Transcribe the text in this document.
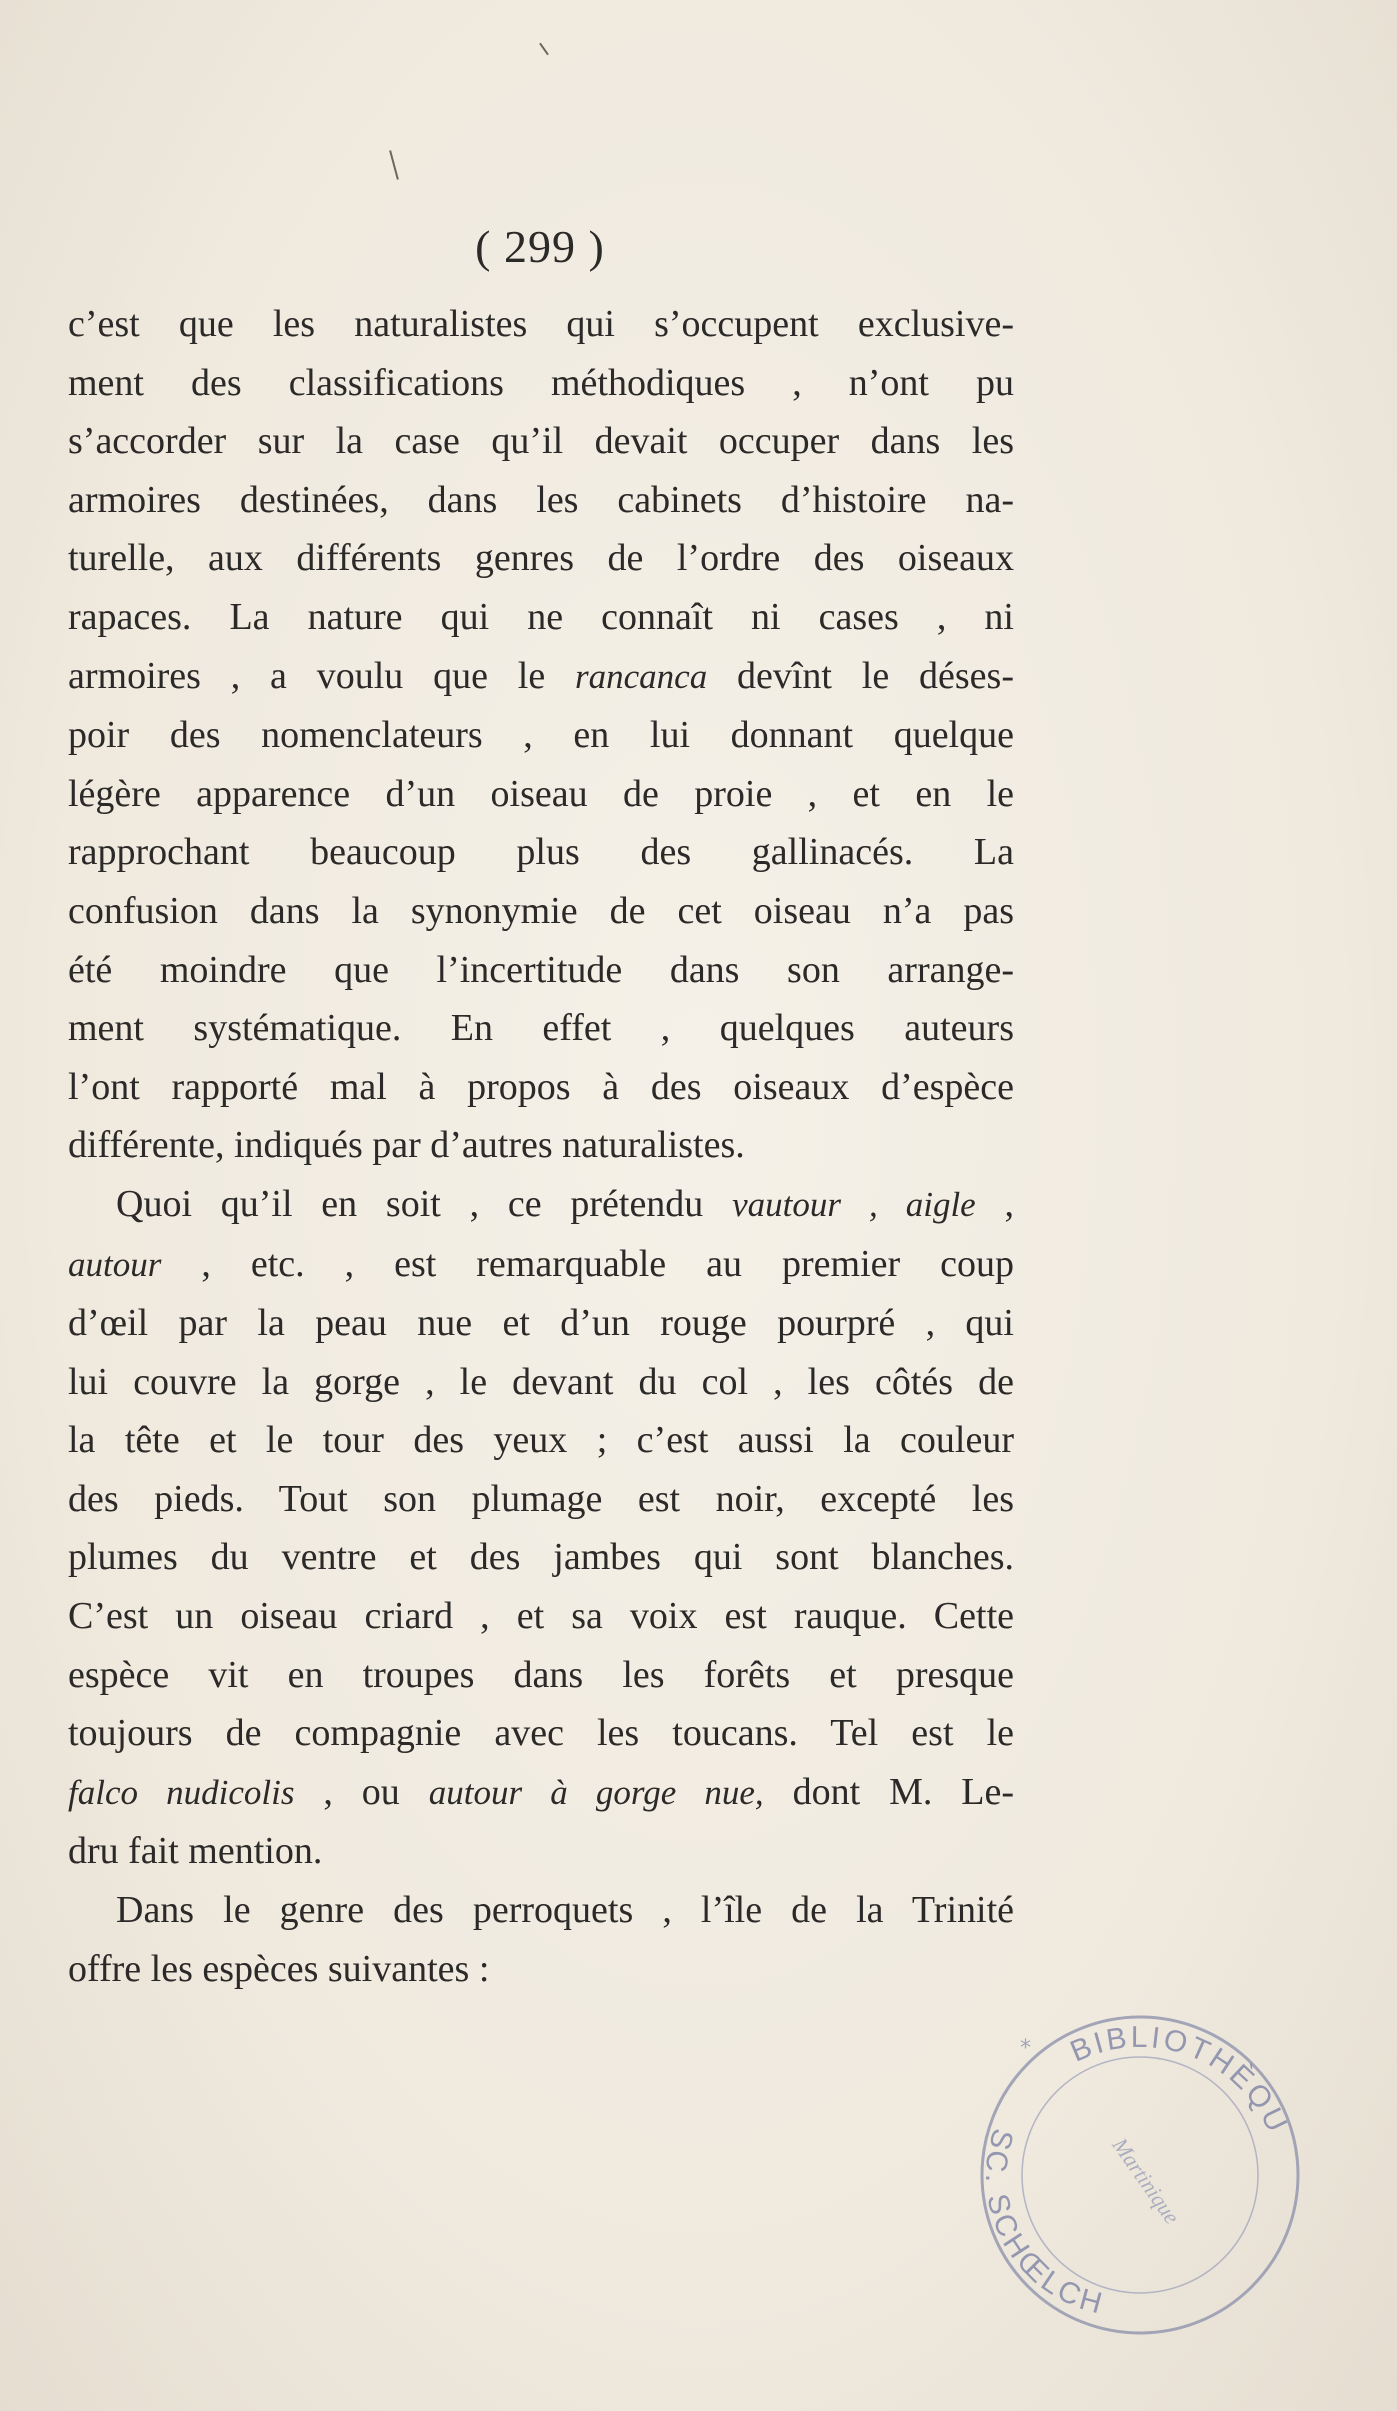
( 299 )
c’est que les naturalistes qui s’occupent exclusive-
ment des classifications méthodiques , n’ont pu
s’accorder sur la case qu’il devait occuper dans les
armoires destinées, dans les cabinets d’histoire na-
turelle, aux différents genres de l’ordre des oiseaux
rapaces. La nature qui ne connaît ni cases , ni
armoires , a voulu que le rancanca devînt le déses-
poir des nomenclateurs , en lui donnant quelque
légère apparence d’un oiseau de proie , et en le
rapprochant beaucoup plus des gallinacés. La
confusion dans la synonymie de cet oiseau n’a pas
été moindre que l’incertitude dans son arrange-
ment systématique. En effet , quelques auteurs
l’ont rapporté mal à propos à des oiseaux d’espèce
différente, indiqués par d’autres naturalistes.
Quoi qu’il en soit , ce prétendu vautour , aigle ,
autour , etc. , est remarquable au premier coup
d’œil par la peau nue et d’un rouge pourpré , qui
lui couvre la gorge , le devant du col , les côtés de
la tête et le tour des yeux ; c’est aussi la couleur
des pieds. Tout son plumage est noir, excepté les
plumes du ventre et des jambes qui sont blanches.
C’est un oiseau criard , et sa voix est rauque. Cette
espèce vit en troupes dans les forêts et presque
toujours de compagnie avec les toucans. Tel est le
falco nudicolis , ou autour à gorge nue, dont M. Le-
dru fait mention.
Dans le genre des perroquets , l’île de la Trinité
offre les espèces suivantes :
BIBLIOTHÈQU
SC. SCHŒLCH
Martinique
*
